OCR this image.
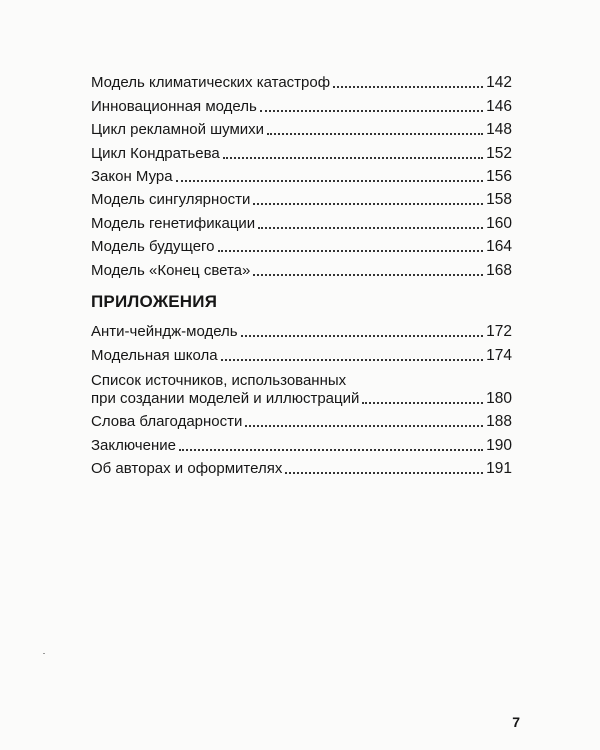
Модель климатических катастроф	142
Инновационная модель	146
Цикл рекламной шумихи	148
Цикл Кондратьева	152
Закон Мура	156
Модель сингулярности	158
Модель генетификации	160
Модель будущего	164
Модель «Конец света»	168
ПРИЛОЖЕНИЯ
Анти-чейндж-модель	172
Модельная школа	174
Список источников, использованных
при создании моделей и иллюстраций	180
Слова благодарности	188
Заключение	190
Об авторах и оформителях	191
7
